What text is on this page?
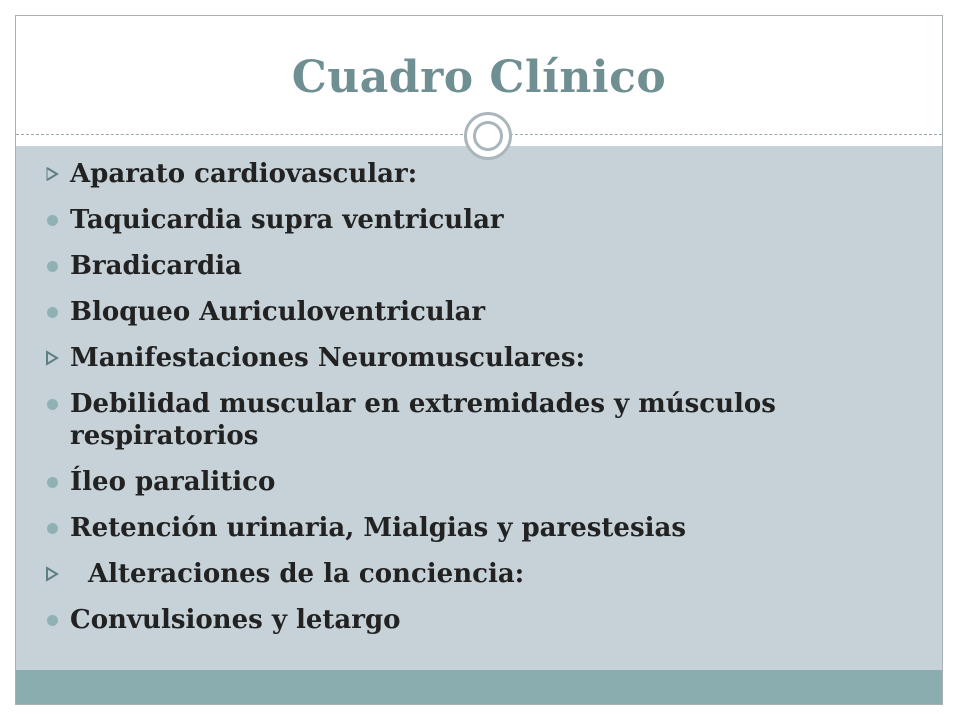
Cuadro Clínico
Aparato cardiovascular:
Taquicardia supra ventricular
Bradicardia
Bloqueo Auriculoventricular
Manifestaciones Neuromusculares:
Debilidad muscular en extremidades y músculos respiratorios
Íleo paralitico
Retención urinaria, Mialgias y parestesias
Alteraciones de la conciencia:
Convulsiones y letargo
